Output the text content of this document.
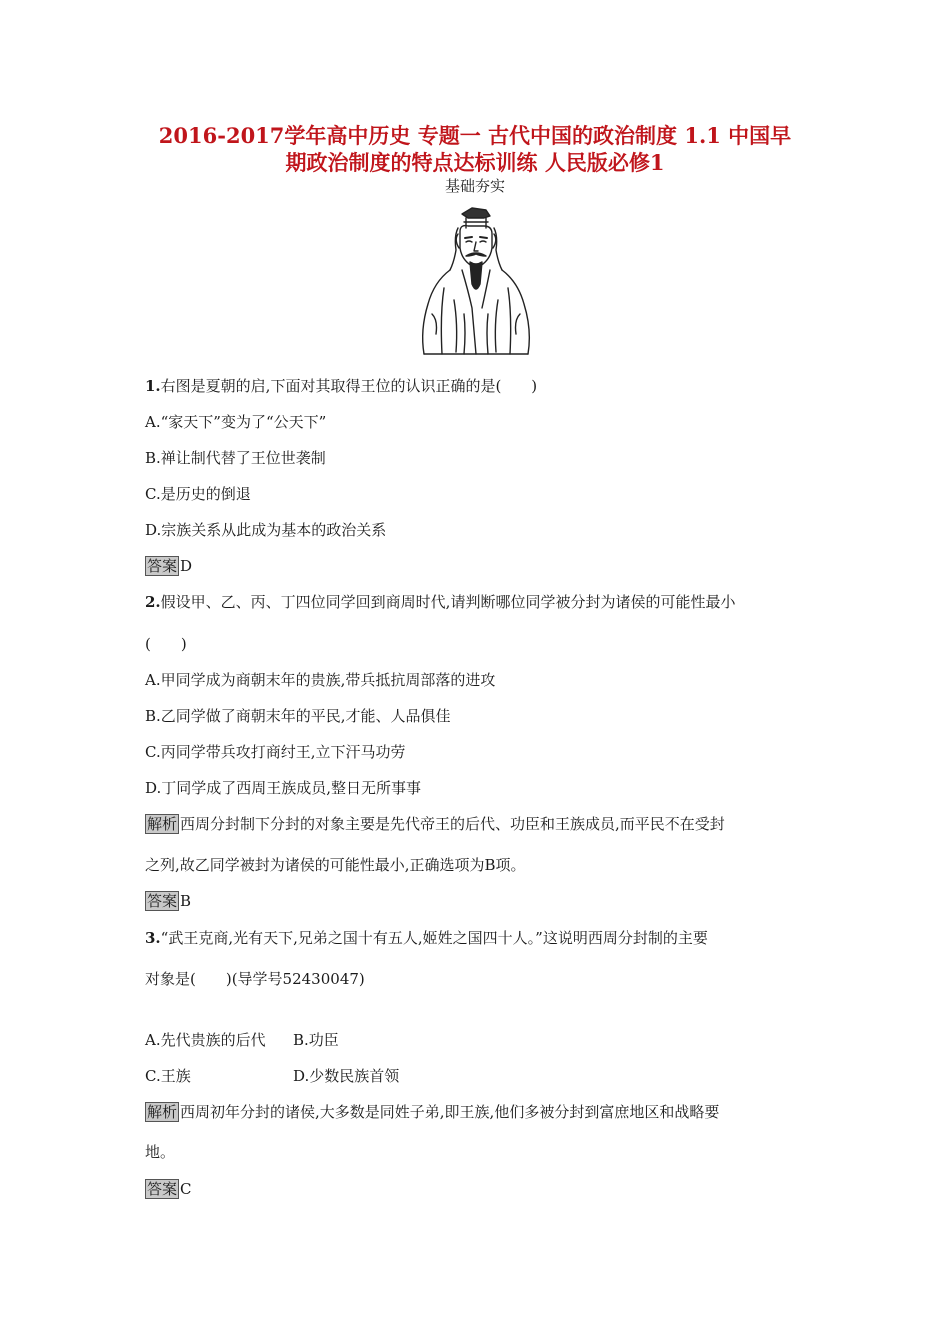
2016-2017学年高中历史 专题一 古代中国的政治制度 1.1 中国早
期政治制度的特点达标训练 人民版必修1
基础夯实
1.右图是夏朝的启,下面对其取得王位的认识正确的是(　　)
A.“家天下”变为了“公天下”
B.禅让制代替了王位世袭制
C.是历史的倒退
D.宗族关系从此成为基本的政治关系
答案 D
2.假设甲、乙、丙、丁四位同学回到商周时代,请判断哪位同学被分封为诸侯的可能性最小
(　　)
A.甲同学成为商朝末年的贵族,带兵抵抗周部落的进攻
B.乙同学做了商朝末年的平民,才能、人品俱佳
C.丙同学带兵攻打商纣王,立下汗马功劳
D.丁同学成了西周王族成员,整日无所事事
解析 西周分封制下分封的对象主要是先代帝王的后代、功臣和王族成员,而平民不在受封
之列,故乙同学被封为诸侯的可能性最小,正确选项为B项。
答案 B
3.“武王克商,光有天下,兄弟之国十有五人,姬姓之国四十人。”这说明西周分封制的主要
对象是(　　)(导学号52430047)
A.先代贵族的后代 B.功臣
C.王族	D.少数民族首领
解析 西周初年分封的诸侯,大多数是同姓子弟,即王族,他们多被分封到富庶地区和战略要
地。
答案 C
